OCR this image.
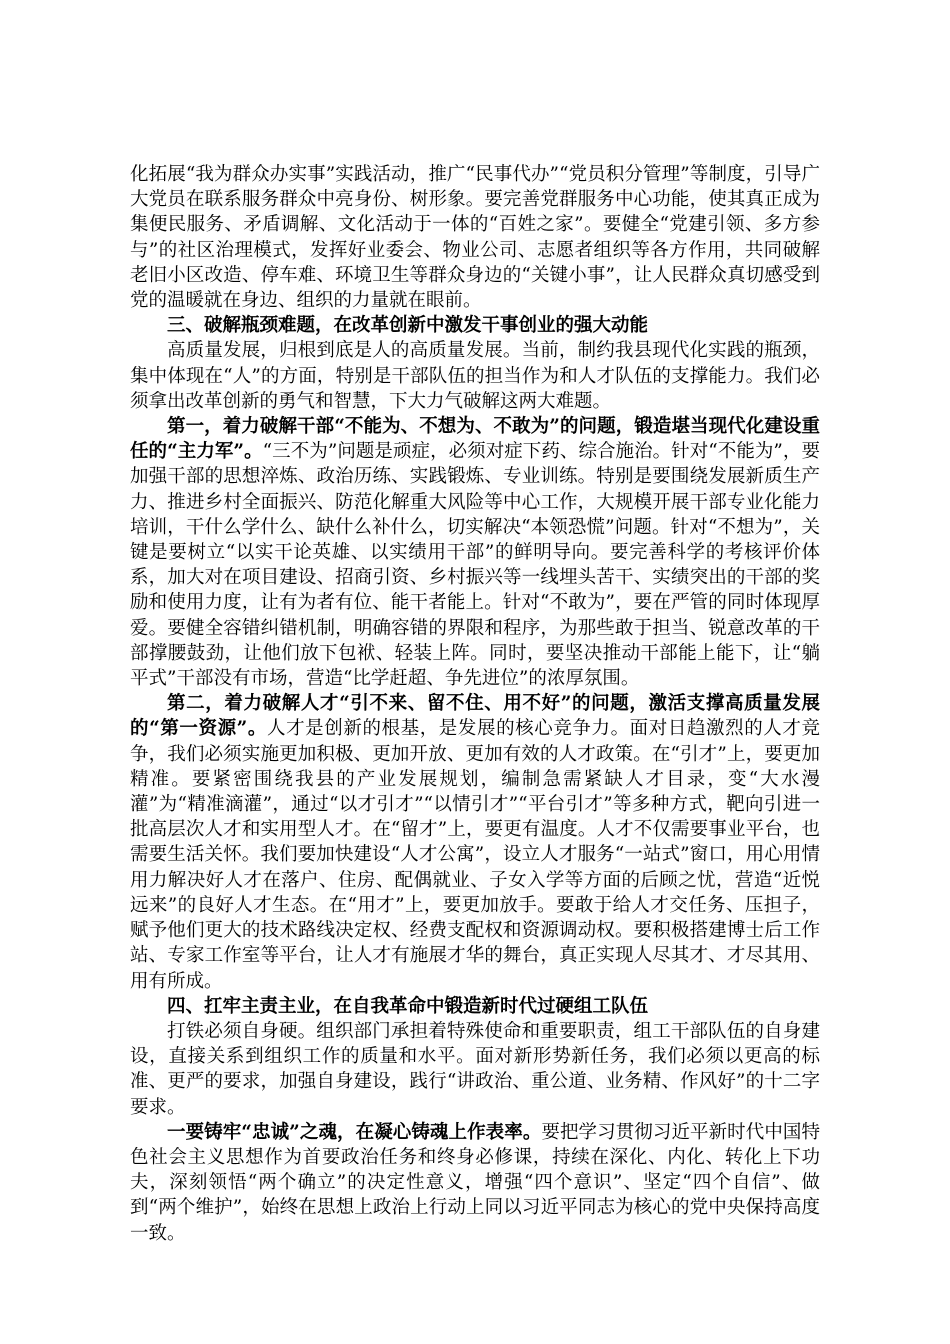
化拓展“我为群众办实事”实践活动，推广“民事代办”“党员积分管理”等制度，引导广大党员在联系服务群众中亮身份、树形象。要完善党群服务中心功能，使其真正成为集便民服务、矛盾调解、文化活动于一体的“百姓之家”。要健全“党建引领、多方参与”的社区治理模式，发挥好业委会、物业公司、志愿者组织等各方作用，共同破解老旧小区改造、停车难、环境卫生等群众身边的“关键小事”，让人民群众真切感受到党的温暖就在身边、组织的力量就在眼前。

三、破解瓶颈难题，在改革创新中激发干事创业的强大动能

高质量发展，归根到底是人的高质量发展。当前，制约我县现代化实践的瓶颈，集中体现在“人”的方面，特别是干部队伍的担当作为和人才队伍的支撑能力。我们必须拿出改革创新的勇气和智慧，下大力气破解这两大难题。

第一，着力破解干部“不能为、不想为、不敢为”的问题，锻造堪当现代化建设重任的“主力军”。“三不为”问题是顽症，必须对症下药、综合施治。针对“不能为”，要加强干部的思想淬炼、政治历练、实践锻炼、专业训练。特别是要围绕发展新质生产力、推进乡村全面振兴、防范化解重大风险等中心工作，大规模开展干部专业化能力培训，干什么学什么、缺什么补什么，切实解决“本领恐慌”问题。针对“不想为”，关键是要树立“以实干论英雄、以实绩用干部”的鲜明导向。要完善科学的考核评价体系，加大对在项目建设、招商引资、乡村振兴等一线埋头苦干、实绩突出的干部的奖励和使用力度，让有为者有位、能干者能上。针对“不敢为”，要在严管的同时体现厚爱。要健全容错纠错机制，明确容错的界限和程序，为那些敢于担当、锐意改革的干部撑腰鼓劲，让他们放下包袱、轻装上阵。同时，要坚决推动干部能上能下，让“躺平式”干部没有市场，营造“比学赶超、争先进位”的浓厚氛围。

第二，着力破解人才“引不来、留不住、用不好”的问题，激活支撑高质量发展的“第一资源”。人才是创新的根基，是发展的核心竞争力。面对日趋激烈的人才竞争，我们必须实施更加积极、更加开放、更加有效的人才政策。在“引才”上，要更加精准。要紧密围绕我县的产业发展规划，编制急需紧缺人才目录，变“大水漫灌”为“精准滴灌”，通过“以才引才”“以情引才”“平台引才”等多种方式，靶向引进一批高层次人才和实用型人才。在“留才”上，要更有温度。人才不仅需要事业平台，也需要生活关怀。我们要加快建设“人才公寓”，设立人才服务“一站式”窗口，用心用情用力解决好人才在落户、住房、配偶就业、子女入学等方面的后顾之忧，营造“近悦远来”的良好人才生态。在“用才”上，要更加放手。要敢于给人才交任务、压担子，赋予他们更大的技术路线决定权、经费支配权和资源调动权。要积极搭建博士后工作站、专家工作室等平台，让人才有施展才华的舞台，真正实现人尽其才、才尽其用、用有所成。

四、扛牢主责主业，在自我革命中锻造新时代过硬组工队伍

打铁必须自身硬。组织部门承担着特殊使命和重要职责，组工干部队伍的自身建设，直接关系到组织工作的质量和水平。面对新形势新任务，我们必须以更高的标准、更严的要求，加强自身建设，践行“讲政治、重公道、业务精、作风好”的十二字要求。

一要铸牢“忠诚”之魂，在凝心铸魂上作表率。要把学习贯彻习近平新时代中国特色社会主义思想作为首要政治任务和终身必修课，持续在深化、内化、转化上下功夫，深刻领悟“两个确立”的决定性意义，增强“四个意识”、坚定“四个自信”、做到“两个维护”，始终在思想上政治上行动上同以习近平同志为核心的党中央保持高度一致。
